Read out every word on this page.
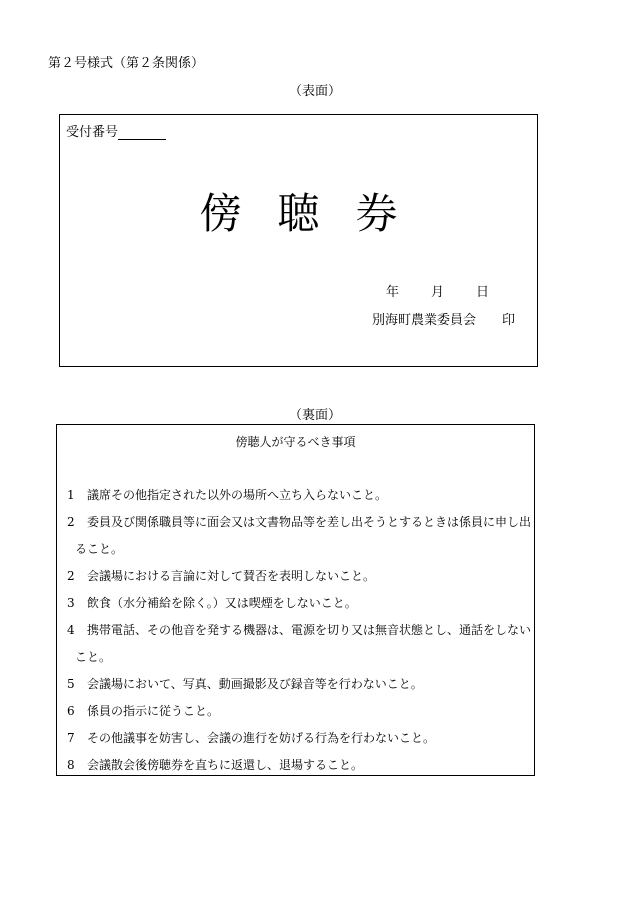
第２号様式（第２条関係）
（表面）
受付番号
傍聴券
年 月 日
別海町農業委員会 印
（裏面）
傍聴人が守るべき事項
1 議席その他指定された以外の場所へ立ち入らないこと。
2 委員及び関係職員等に面会又は文書物品等を差し出そうとするときは係員に申し出
ること。
2 会議場における言論に対して賛否を表明しないこと。
3 飲食（水分補給を除く。）又は喫煙をしないこと。
4 携帯電話、その他音を発する機器は、電源を切り又は無音状態とし、通話をしない
こと。
5 会議場において、写真、動画撮影及び録音等を行わないこと。
6 係員の指示に従うこと。
7 その他議事を妨害し、会議の進行を妨げる行為を行わないこと。
8 会議散会後傍聴券を直ちに返還し、退場すること。
